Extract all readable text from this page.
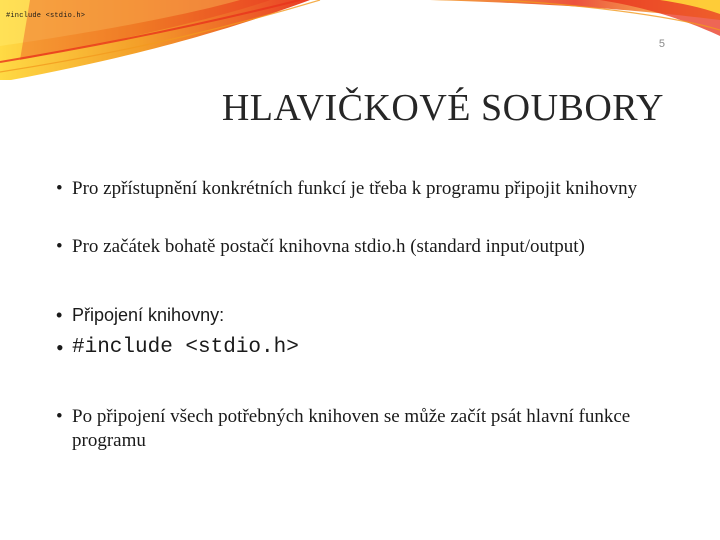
#include <stdio.h>
5
HLAVIČKOVÉ SOUBORY
• Pro zpřístupnění konkrétních funkcí je třeba k programu připojit knihovny
• Pro začátek bohatě postačí knihovna stdio.h (standard input/output)
• Připojení knihovny:
• #include <stdio.h>
• Po připojení všech potřebných knihoven se může začít psát hlavní funkce programu
